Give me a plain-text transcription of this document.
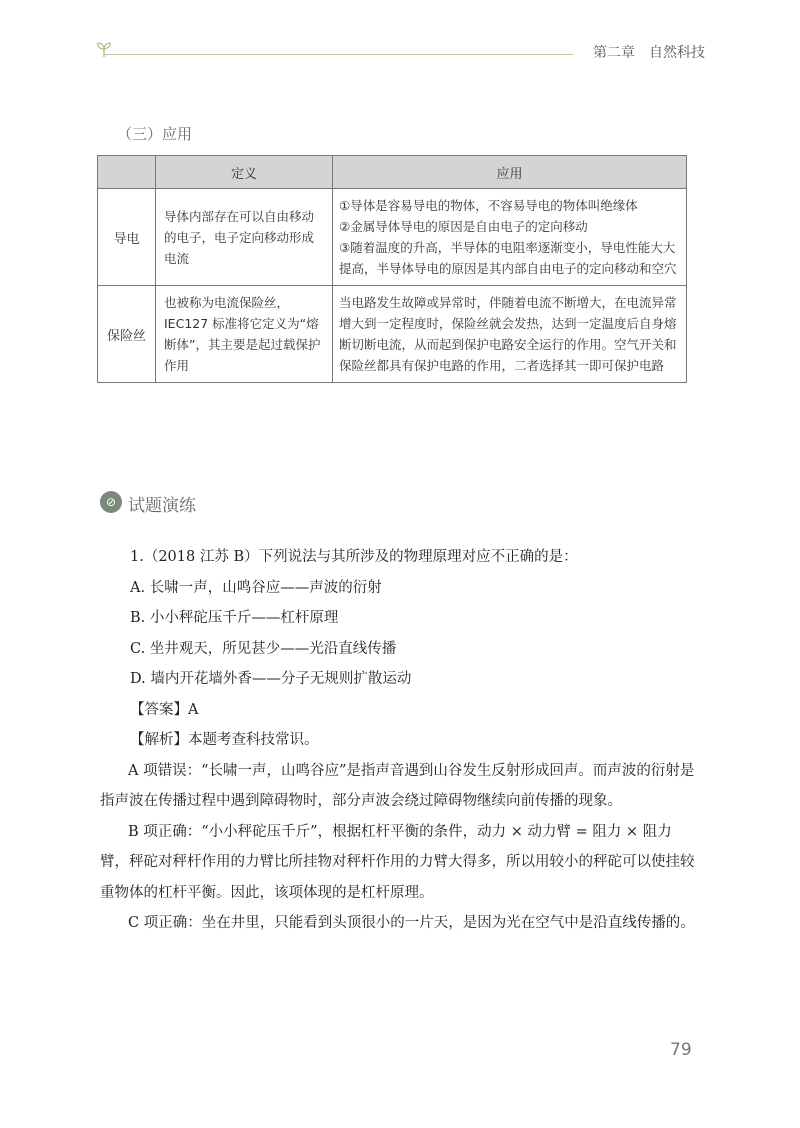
第二章　自然科技
（三）应用
	定义	应用
导电	导体内部存在可以自由移动的电子，电子定向移动形成电流	①导体是容易导电的物体，不容易导电的物体叫绝缘体
②金属导体导电的原因是自由电子的定向移动
③随着温度的升高，半导体的电阻率逐渐变小，导电性能大大提高，半导体导电的原因是其内部自由电子的定向移动和空穴

保险丝	也被称为电流保险丝，IEC127 标准将它定义为“熔断体”，其主要是起过载保护作用	当电路发生故障或异常时，伴随着电流不断增大，在电流异常增大到一定程度时，保险丝就会发热，达到一定温度后自身熔断切断电流，从而起到保护电路安全运行的作用。空气开关和保险丝都具有保护电路的作用，二者选择其一即可保护电路
⊘ 试题演练

1.（2018 江苏 B）下列说法与其所涉及的物理原理对应不正确的是：

A. 长啸一声，山鸣谷应——声波的衍射

B. 小小秤砣压千斤——杠杆原理

C. 坐井观天，所见甚少——光沿直线传播

D. 墙内开花墙外香——分子无规则扩散运动

【答案】A

【解析】本题考查科技常识。

A 项错误：“长啸一声，山鸣谷应”是指声音遇到山谷发生反射形成回声。而声波的衍射是指声波在传播过程中遇到障碍物时，部分声波会绕过障碍物继续向前传播的现象。

B 项正确：“小小秤砣压千斤”，根据杠杆平衡的条件，动力 × 动力臂 = 阻力 × 阻力臂，秤砣对秤杆作用的力臂比所挂物对秤杆作用的力臂大得多，所以用较小的秤砣可以使挂较重物体的杠杆平衡。因此，该项体现的是杠杆原理。

C 项正确：坐在井里，只能看到头顶很小的一片天，是因为光在空气中是沿直线传播的。

79
